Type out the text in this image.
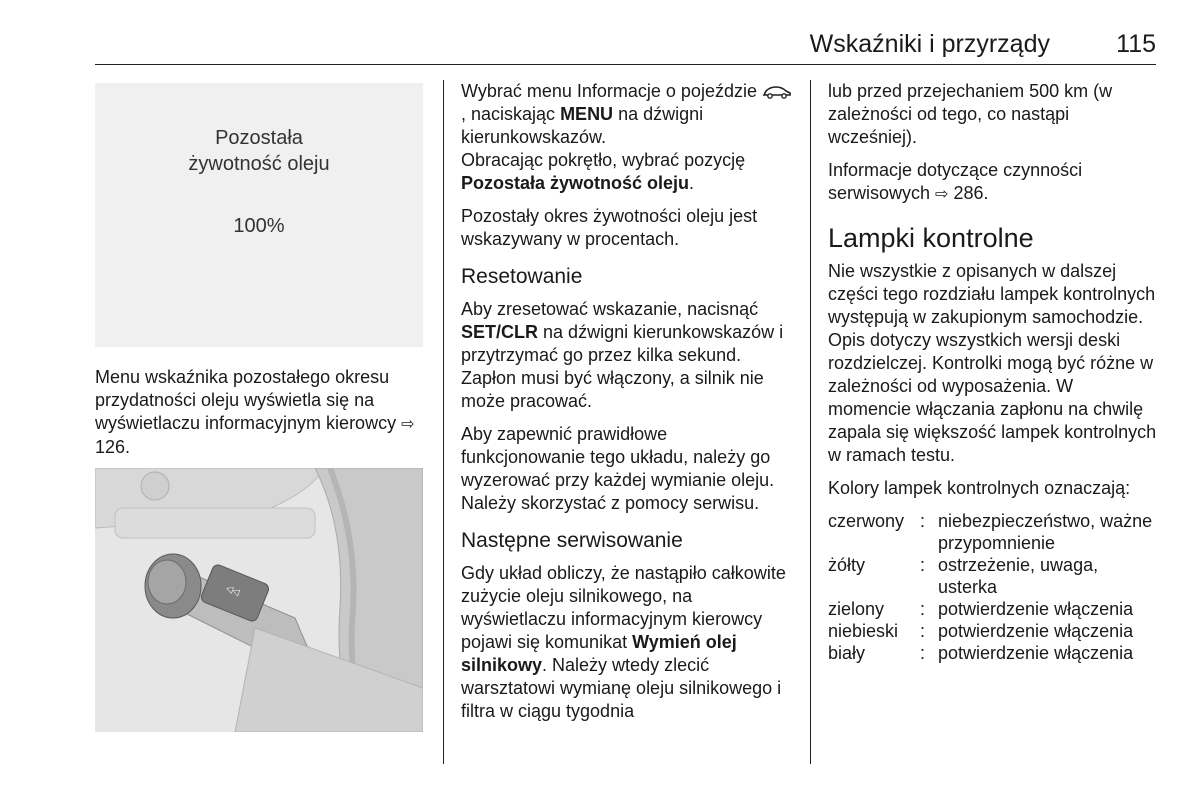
Wskaźniki i przyrządy	115
Pozostała
żywotność oleju
100%
Menu wskaźnika pozostałego okresu przydatności oleju wyświetla się na wyświetlaczu informacyjnym kierowcy ⇨ 126.
◁◁

Wybrać menu Informacje o pojeździe  , naciskając MENU na dźwigni kierunkowskazów.
Obracając pokrętło, wybrać pozycję
Pozostała żywotność oleju.

Pozostały okres żywotności oleju jest wskazywany w procentach.

Resetowanie

Aby zresetować wskazanie, nacisnąć SET/CLR na dźwigni kierunkowskazów i przytrzymać go przez kilka sekund. Zapłon musi być włączony, a silnik nie może pracować.

Aby zapewnić prawidłowe funkcjonowanie tego układu, należy go wyzerować przy każdej wymianie oleju. Należy skorzystać z pomocy serwisu.

Następne serwisowanie

Gdy układ obliczy, że nastąpiło całkowite zużycie oleju silnikowego, na wyświetlaczu informacyjnym kierowcy pojawi się komunikat Wymień olej silnikowy. Należy wtedy zlecić warsztatowi wymianę oleju silnikowego i filtra w ciągu tygodnia

lub przed przejechaniem 500 km (w zależności od tego, co nastąpi wcześniej).

Informacje dotyczące czynności serwisowych ⇨ 286.

Lampki kontrolne

Nie wszystkie z opisanych w dalszej części tego rozdziału lampek kontrolnych występują w zakupionym samochodzie. Opis dotyczy wszystkich wersji deski rozdzielczej. Kontrolki mogą być różne w zależności od wyposażenia. W momencie włączania zapłonu na chwilę zapala się większość lampek kontrolnych w ramach testu.

Kolory lampek kontrolnych oznaczają:

czerwony : niebezpieczeństwo, ważne przypomnienie
żółty	: ostrzeżenie, uwaga, usterka
zielony	: potwierdzenie włączenia
niebieski	: potwierdzenie włączenia
biały	: potwierdzenie włączenia
